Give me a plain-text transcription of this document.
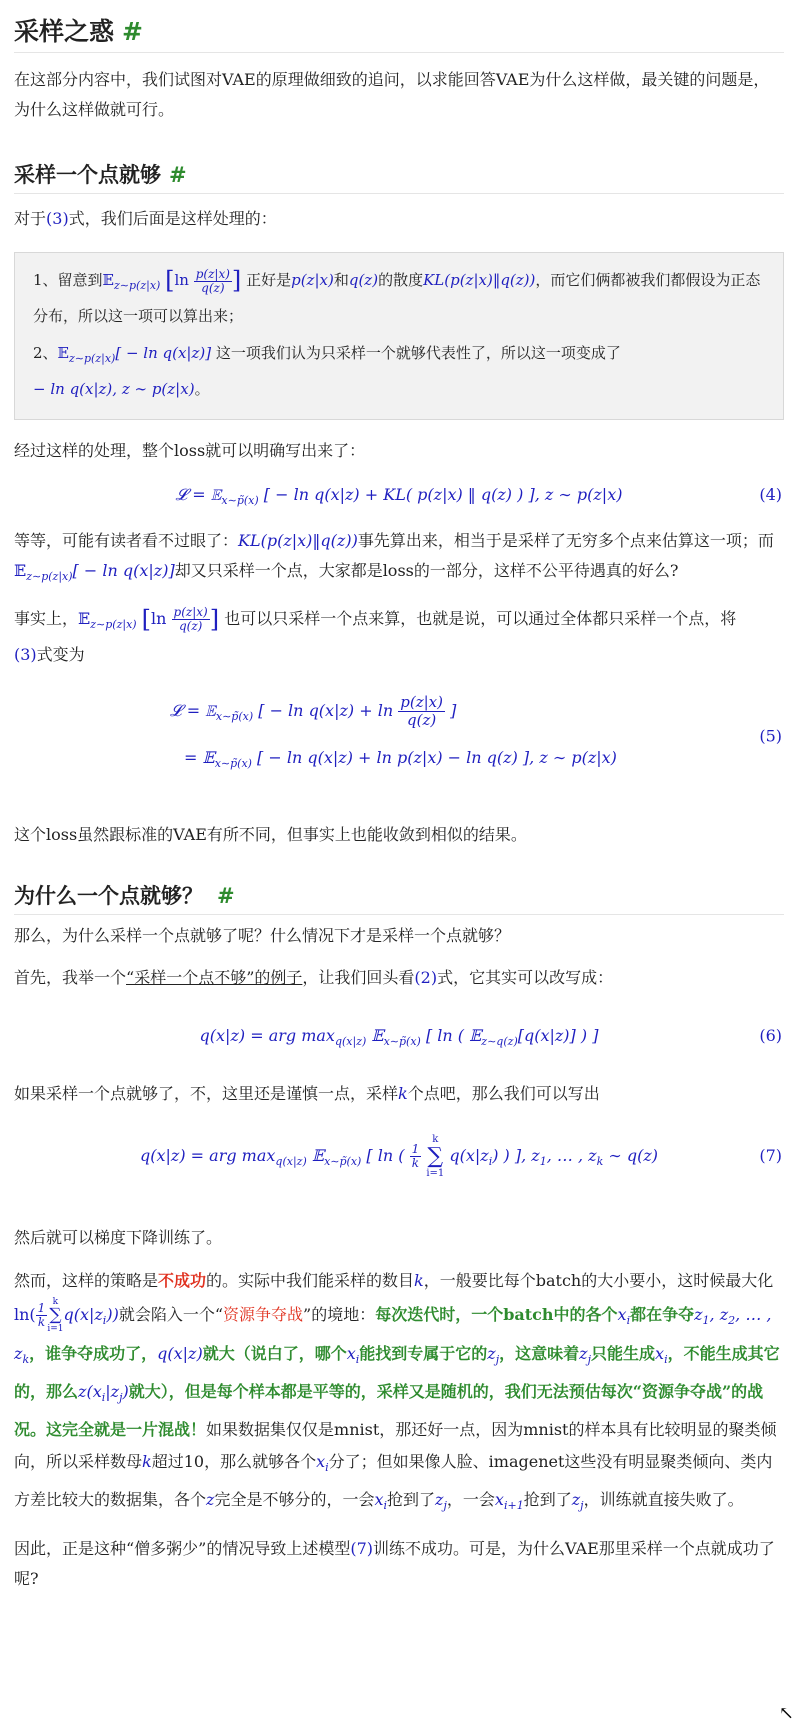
采样之惑 #

在这部分内容中，我们试图对VAE的原理做细致的追问，以求能回答VAE为什么这样做，最关键的问题是，为什么这样做就可行。

采样一个点就够 #

对于(3)式，我们后面是这样处理的：

1、留意到𝔼$_{z\sim p(z|x)}$ [$\ln \frac{p(z|x)}{q(z)}$ ] 正好是p(z|x)和q(z)的散度KL(p(z|x)‖q(z))，而它们俩都被我们都假设为正态分布，所以这一项可以算出来；

2、𝔼$_{z\sim p(z|x)}$[ − ln q(x|z)] 这一项我们认为只采样一个就够代表性了，所以这一项变成了
− ln q(x|z), z ∼ p(z|x)。

经过这样的处理，整个loss就可以明确写出来了：

𝓛 = 𝔼$_{x\sim p̃(x)}$ [ − ln q(x|z) + KL( p(z|x) ‖ q(z) ) ], z ∼ p(z|x)	(4)

等等，可能有读者看不过眼了：KL(p(z|x)‖q(z))事先算出来，相当于是采样了无穷多个点来估算这一项；而𝔼$_{z\sim p(z|x)}$[ − ln q(x|z)]却又只采样一个点，大家都是loss的一部分，这样不公平待遇真的好么?

事实上，𝔼$_{z\sim p(z|x)}$ [$\ln \frac{p(z|x)}{q(z)}$ ] 也可以只采样一个点来算，也就是说，可以通过全体都只采样一个点，将
(3)式变为

𝓛 = 𝔼$_{x\sim p̃(x)}$ [ − $\ln q(x|z) + \ln \frac{p(z|x)}{q(z)}$ ]
= 𝔼$_{x\sim p̃(x)}$ [ − ln q(x|z) + ln p(z|x) − ln q(z) ], z ∼ p(z|x)
(5)

这个loss虽然跟标准的VAE有所不同，但事实上也能收敛到相似的结果。

为什么一个点就够？ #

那么，为什么采样一个点就够了呢？什么情况下才是采样一个点就够？

首先，我举一个“采样一个点不够”的例子，让我们回头看(2)式，它其实可以改写成：

q(x|z) = arg $\max_{q(x|z)}$ 𝔼$_{x\sim p̃(x)}$ [ ln ( 𝔼$_{z\sim q(z)}$[q(x|z)] ) ]	(6)

如果采样一个点就够了，不，这里还是谨慎一点，采样k个点吧，那么我们可以写出

q(x|z) = arg $\max_{q(x|z)}$ 𝔼$_{x\sim p̃(x)}$ [ ln ( $\frac{1}{k}$

k
∑
i=1
$q(x|z_i)$ ) ], $z_1$, … , $z_k$ ∼ q(z)	(7)

然后就可以梯度下降训练了。

然而，这样的策略是不成功的。实际中我们能采样的数目k，一般要比每个batch的大小要小，这时候最大化$\ln( \frac{1}{k}$ k
∑
i=1
$q(x|z_i)$)就会陷入一个“资源争夺战”的境地：每次迭代时，一个batch中的各个$x_i$都在争夺$z_1$, $z_2$, … , $z_k$，谁争夺成功了，q(x|z)就大（说白了，哪个$x_i$能找到专属于它的$z_j$，这意味着$z_j$只能生成$x_i$，不能生成其它的，那么$z(x_i|z_j)$就大），但是每个样本都是平等的，采样又是随机的，我们无法预估每次“资源争夺战”的战况。这完全就是一片混战！如果数据集仅仅是mnist，那还好一点，因为mnist的样本具有比较明显的聚类倾向，所以采样数母k超过10，那么就够各个$x_i$分了；但如果像人脸、imagenet这些没有明显聚类倾向、类内方差比较大的数据集，各个z完全是不够分的，一会$x_i$抢到了$z_j$，一会$x_{i+1}$抢到了$z_j$，训练就直接失败了。

因此，正是这种“僧多粥少”的情况导致上述模型(7)训练不成功。可是，为什么VAE那里采样一个点就成功了呢?

↖
